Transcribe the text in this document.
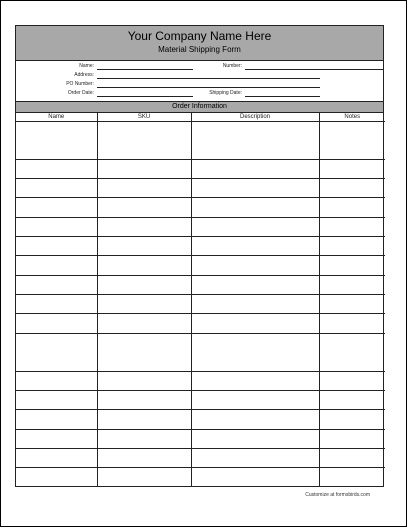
Your Company Name Here
Material Shipping Form
Name:	Number:
Address:
PO Number:
Order Date:	Shipping Date:
Order Information
Name	SKU	Description	Notes

Customize at formsbirds.com
